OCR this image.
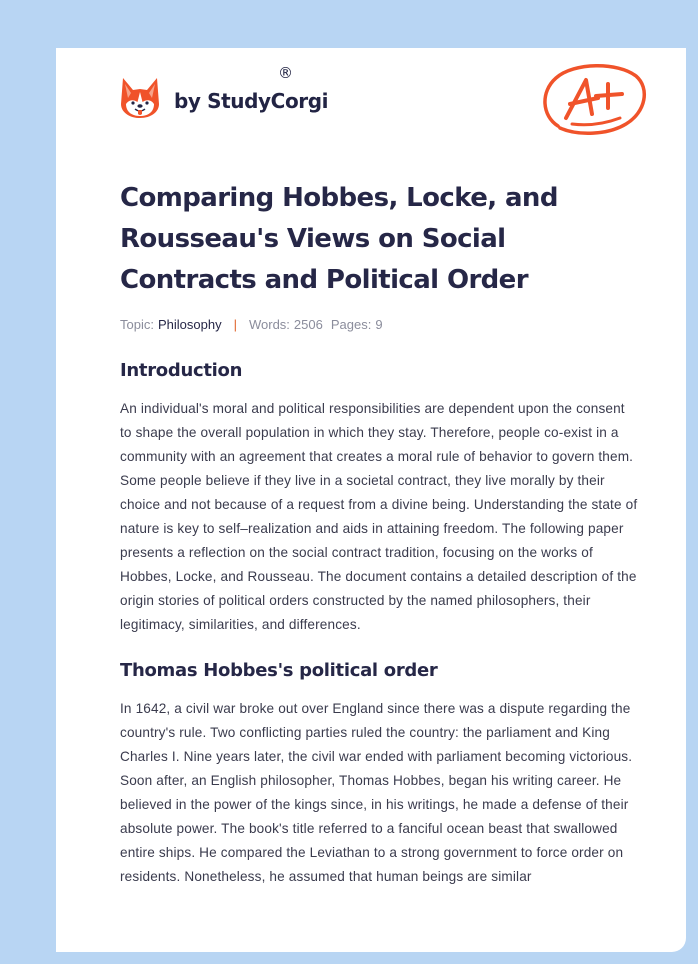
by StudyCorgi
®
Comparing Hobbes, Locke, and Rousseau's Views on Social Contracts and Political Order
Topic: Philosophy | Words: 2506 Pages: 9
Introduction

An individual's moral and political responsibilities are dependent upon the consent to shape the overall population in which they stay. Therefore, people co-exist in a community with an agreement that creates a moral rule of behavior to govern them. Some people believe if they live in a societal contract, they live morally by their choice and not because of a request from a divine being. Understanding the state of nature is key to self–realization and aids in attaining freedom. The following paper presents a reflection on the social contract tradition, focusing on the works of Hobbes, Locke, and Rousseau. The document contains a detailed description of the origin stories of political orders constructed by the named philosophers, their legitimacy, similarities, and differences.

Thomas Hobbes's political order

In 1642, a civil war broke out over England since there was a dispute regarding the country's rule. Two conflicting parties ruled the country: the parliament and King Charles I. Nine years later, the civil war ended with parliament becoming victorious. Soon after, an English philosopher, Thomas Hobbes, began his writing career. He believed in the power of the kings since, in his writings, he made a defense of their absolute power. The book's title referred to a fanciful ocean beast that swallowed entire ships. He compared the Leviathan to a strong government to force order on residents. Nonetheless, he assumed that human beings are similar
